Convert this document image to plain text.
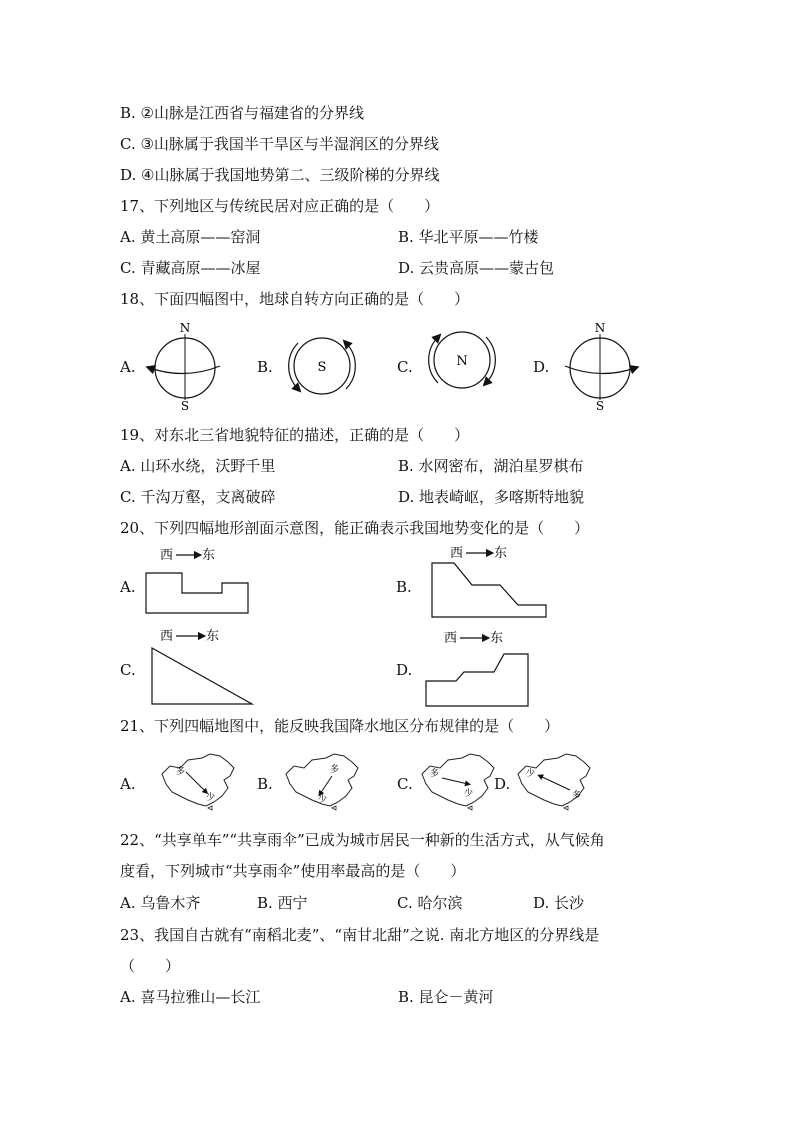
B. ②山脉是江西省与福建省的分界线
C. ③山脉属于我国半干旱区与半湿润区的分界线
D. ④山脉属于我国地势第二、三级阶梯的分界线
17、下列地区与传统民居对应正确的是（　　）
A. 黄土高原——窑洞	B. 华北平原——竹楼
C. 青藏高原——冰屋	D. 云贵高原——蒙古包
18、下面四幅图中，地球自转方向正确的是（　　）
A.	B.	C.	D.
N
S
S	N
N
S
19、对东北三省地貌特征的描述，正确的是（　　）
A. 山环水绕，沃野千里	B. 水网密布，湖泊星罗棋布
C. 千沟万壑，支离破碎	D. 地表崎岖，多喀斯特地貌
20、下列四幅地形剖面示意图，能正确表示我国地势变化的是（　　）
A.
西 东
B.
西 东
C.
西	东
D.
西	东
21、下列四幅地图中，能反映我国降水地区分布规律的是（　　）
A.
多
少
B.
多
少
C.
多
少
D.
少
多
22、“共享单车”“共享雨伞”已成为城市居民一种新的生活方式，从气候角
度看，下列城市“共享雨伞”使用率最高的是（　　）
A. 乌鲁木齐	B. 西宁	C. 哈尔滨	D. 长沙
23、我国自古就有“南稻北麦”、“南甘北甜”之说. 南北方地区的分界线是
（　　）
A. 喜马拉雅山—长江	B. 昆仑－黄河
